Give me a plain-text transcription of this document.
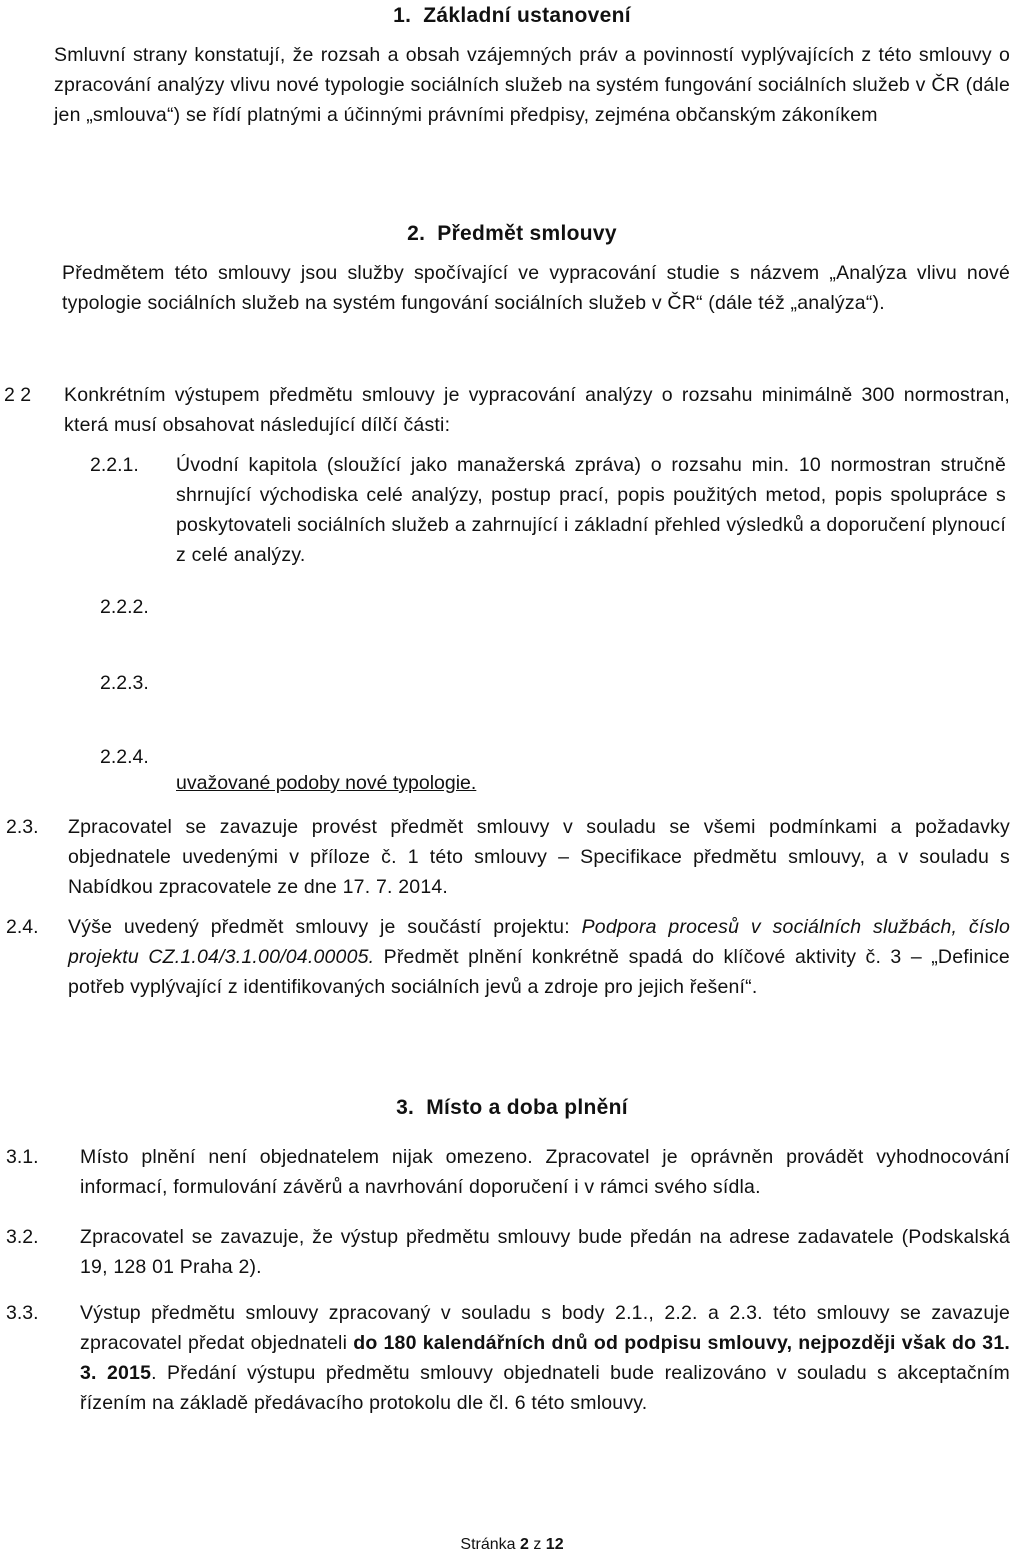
1. Základní ustanovení
Smluvní strany konstatují, že rozsah a obsah vzájemných práv a povinností vyplývajících z této smlouvy o zpracování analýzy vlivu nové typologie sociálních služeb na systém fungování sociálních služeb v ČR (dále jen „smlouva“) se řídí platnými a účinnými právními předpisy, zejména občanským zákoníkem
2. Předmět smlouvy
Předmětem této smlouvy jsou služby spočívající ve vypracování studie s názvem „Analýza vlivu nové typologie sociálních služeb na systém fungování sociálních služeb v ČR“ (dále též „analýza“).
2 2 Konkrétním výstupem předmětu smlouvy je vypracování analýzy o rozsahu minimálně 300 normostran, která musí obsahovat následující dílčí části:
2.2.1. Úvodní kapitola (sloužící jako manažerská zpráva) o rozsahu min. 10 normostran stručně shrnující východiska celé analýzy, postup prací, popis použitých metod, popis spolupráce s poskytovateli sociálních služeb a zahrnující i základní přehled výsledků a doporučení plynoucí z celé analýzy.
2.2.2.
2.2.3.
2.2.4.
uvažované podoby nové typologie.
2.3. Zpracovatel se zavazuje provést předmět smlouvy v souladu se všemi podmínkami a požadavky objednatele uvedenými v příloze č. 1 této smlouvy – Specifikace předmětu smlouvy, a v souladu s Nabídkou zpracovatele ze dne 17. 7. 2014.
2.4. Výše uvedený předmět smlouvy je součástí projektu: Podpora procesů v sociálních službách, číslo projektu CZ.1.04/3.1.00/04.00005. Předmět plnění konkrétně spadá do klíčové aktivity č. 3 – „Definice potřeb vyplývající z identifikovaných sociálních jevů a zdroje pro jejich řešení“.
3. Místo a doba plnění
3.1. Místo plnění není objednatelem nijak omezeno. Zpracovatel je oprávněn provádět vyhodnocování informací, formulování závěrů a navrhování doporučení i v rámci svého sídla.
3.2. Zpracovatel se zavazuje, že výstup předmětu smlouvy bude předán na adrese zadavatele (Podskalská 19, 128 01 Praha 2).
3.3. Výstup předmětu smlouvy zpracovaný v souladu s body 2.1., 2.2. a 2.3. této smlouvy se zavazuje zpracovatel předat objednateli do 180 kalendářních dnů od podpisu smlouvy, nejpozději však do 31. 3. 2015. Předání výstupu předmětu smlouvy objednateli bude realizováno v souladu s akceptačním řízením na základě předávacího protokolu dle čl. 6 této smlouvy.
Stránka 2 z 12
